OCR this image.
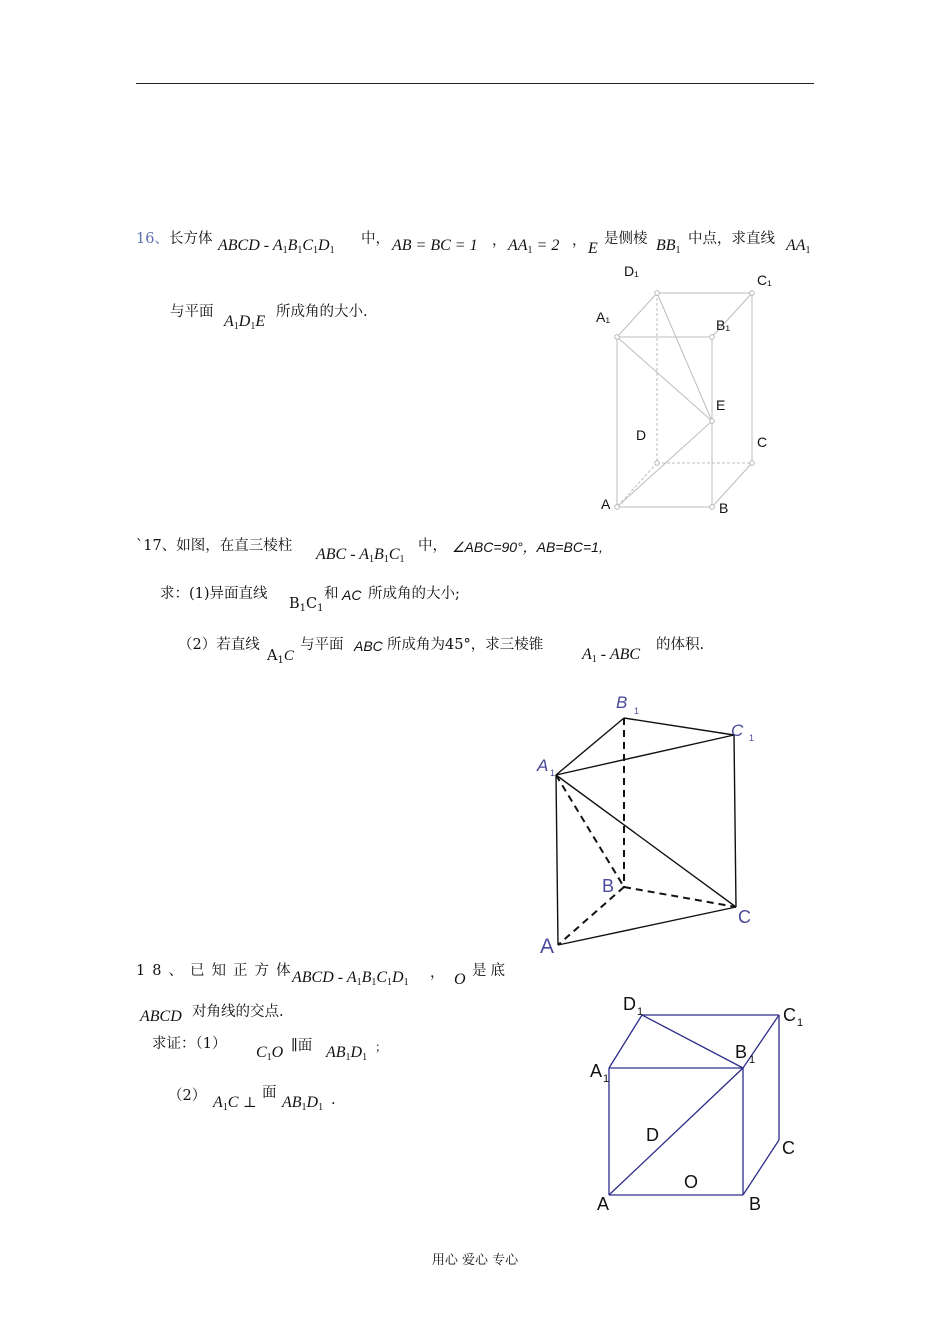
16、长方体 ABCD - A1B1C1D1
中， AB = BC = 1 ， AA1 = 2 ， E
是侧棱 BB1
中点，求直线 AA1
与平面
A1D1E
所成角的大小.
D₁
C₁
A₁	B₁
E
D	C
A	B
`17、如图，在直三棱柱 ABC - A1B1C1
中， ∠ABC=90°，AB=BC=1,
求：(1)异面直线
$B_1C_1$
和 AC 所成角的大小;
（2）若直线
$A_1C$
与平面 ABC 所成角为45°，求三棱锥
A1 - ABC
的体积.
B 1
C 1
A 1
B
C
A
18、已知正方体
ABCD - A1B1C1D1
， O 是底
ABCD 对角线的交点.
求证：（1） C1O ∥面 AB1D1
；
（2） A1C ⊥
面
AB1D1 .
D 1	C 1
B 1
A 1
D
C
O
A	B
用心 爱心 专心
